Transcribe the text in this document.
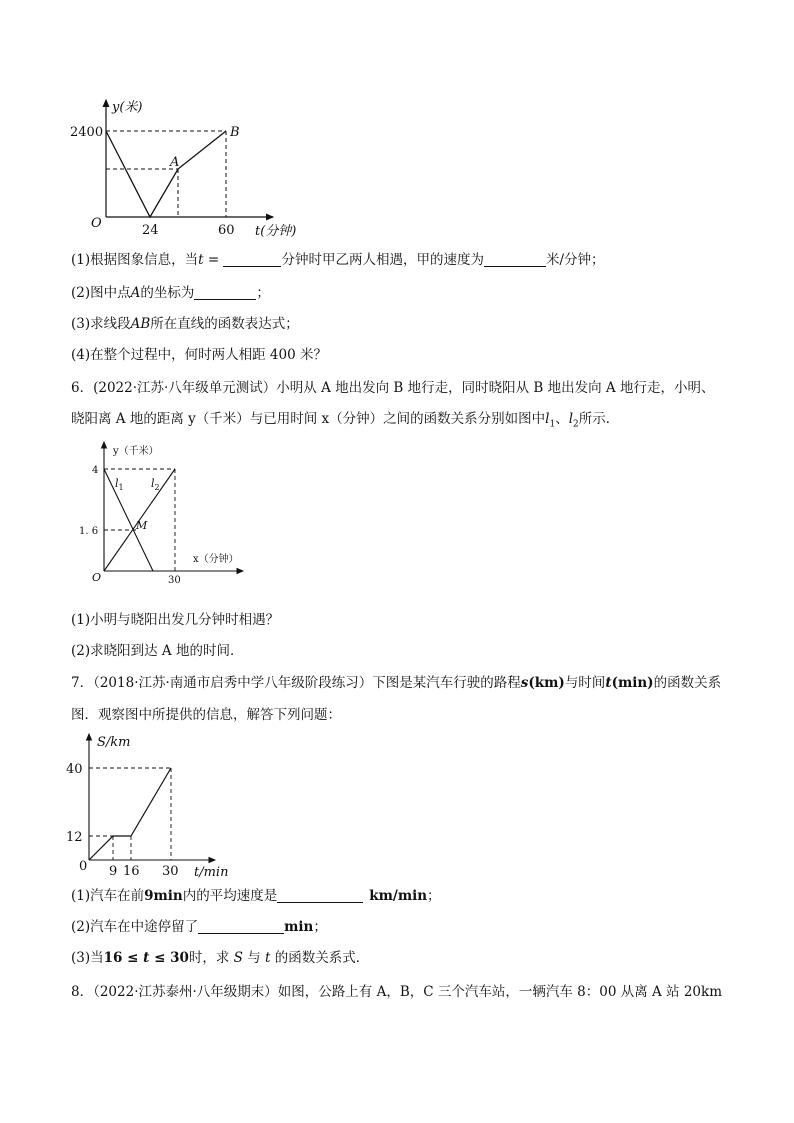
y(米)
2400
O	24	60 t(分钟)
A
B
(1)根据图象信息，当t =	分钟时甲乙两人相遇，甲的速度为	米/分钟；
(2)图中点A的坐标为	；
(3)求线段AB所在直线的函数表达式；
(4)在整个过程中，何时两人相距 400 米？
6．(2022·江苏·八年级单元测试）小明从 A 地出发向 B 地行走，同时晓阳从 B 地出发向 A 地行走，小明、
晓阳离 A 地的距离 y（千米）与已用时间 x（分钟）之间的函数关系分别如图中$l_1$、$l_2$所示．
y（千米）
4
1. 6
O	30
x（分钟）
$l_1$ $l_2$
M
(1)小明与晓阳出发几分钟时相遇？
(2)求晓阳到达 A 地的时间．
7．（2018·江苏·南通市启秀中学八年级阶段练习）下图是某汽车行驶的路程s(km)与时间t(min)的函数关系
图．观察图中所提供的信息，解答下列问题：
S/km
40
12
0 9 16 30 t/min
(1)汽车在前9min内的平均速度是	km/min；
(2)汽车在中途停留了	min；
(3)当16 ≤ t ≤ 30时，求 S 与 t 的函数关系式．
8．（2022·江苏泰州·八年级期末）如图，公路上有 A，B，C 三个汽车站，一辆汽车 8：00 从离 A 站 20km
